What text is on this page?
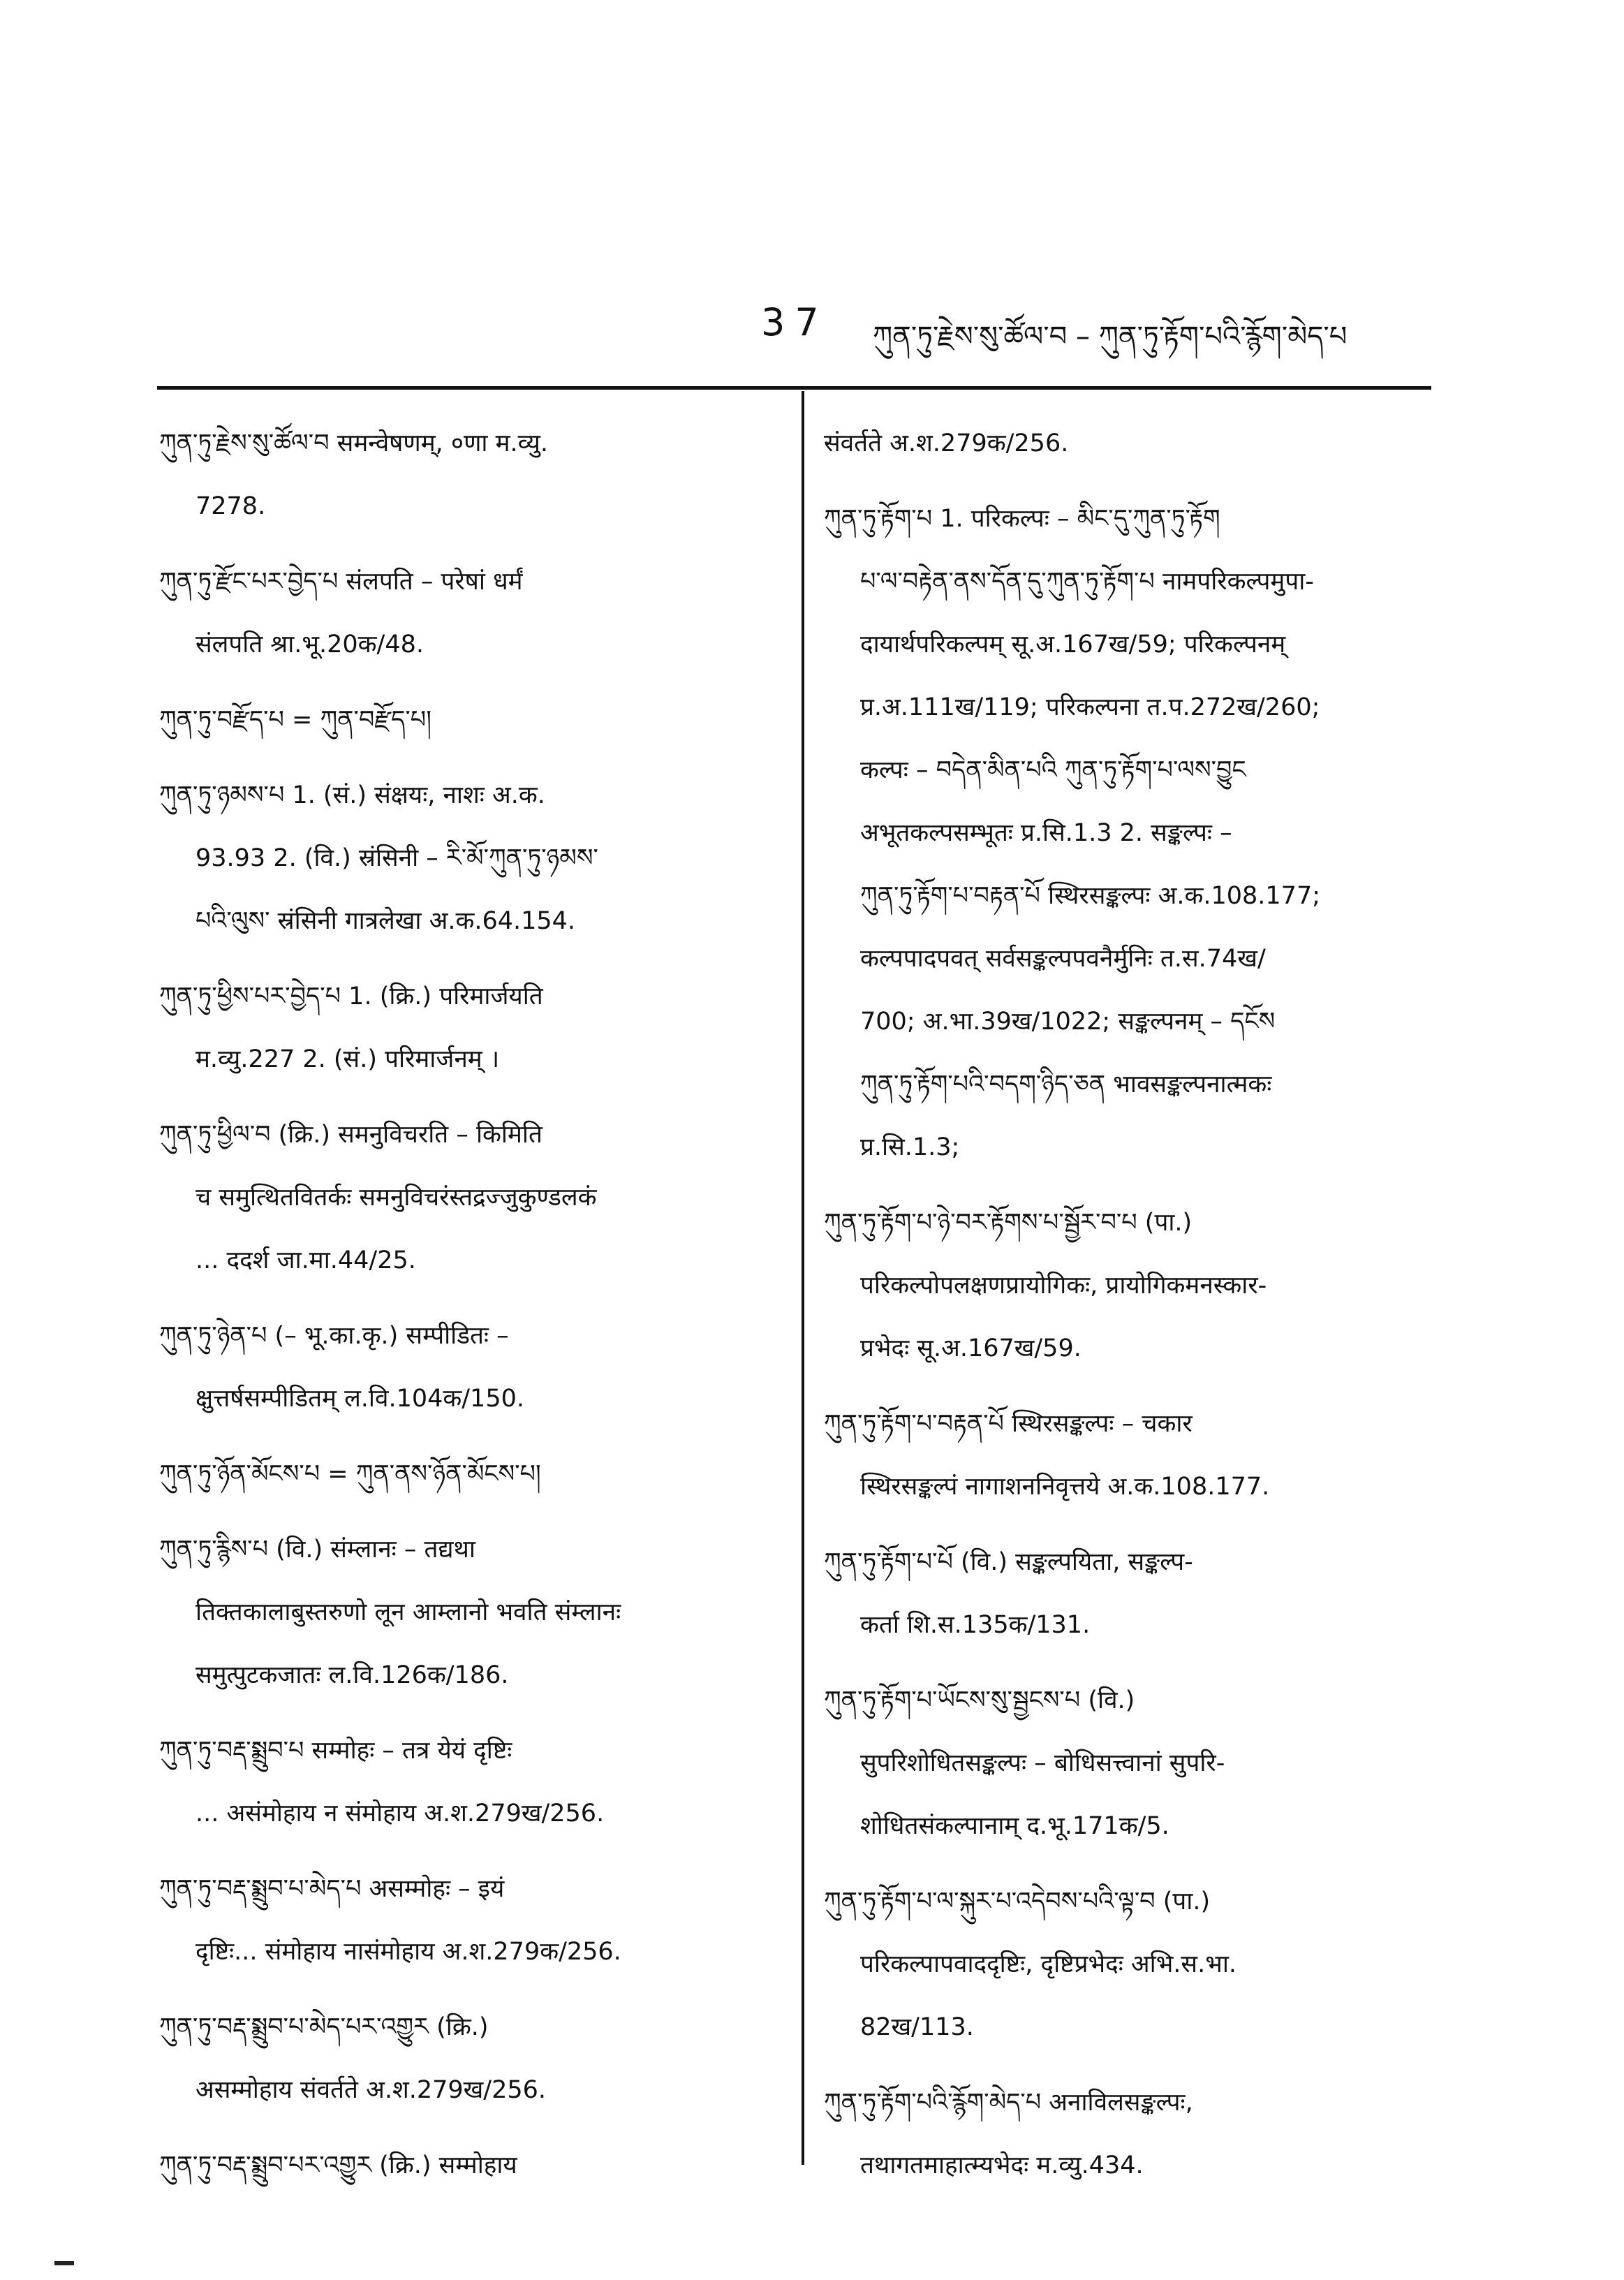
37 ཀུན་ཏུ་རྗེས་སུ་ཚོལ་བ – ཀུན་ཏུ་རྟོག་པའི་རྙོག་མེད་པ
ཀུན་ཏུ་རྗེས་སུ་ཚོལ་བ समन्वेषणम्, ०णा म.व्यु.
7278.
ཀུན་ཏུ་རྫོང་པར་བྱེད་པ संलपति – परेषां धर्मं
संलपति श्रा.भू.20क/48.
ཀུན་ཏུ་བརྫོད་པ = ཀུན་བརྫོད་པ།
ཀུན་ཏུ་ཉམས་པ 1. (सं.) संक्षयः, नाशः अ.क.
93.93 2. (वि.) स्रंसिनी – རི་མོ་ཀུན་ཏུ་ཉམས་
པའི་ལུས་ स्रंसिनी गात्रलेखा अ.क.64.154.
ཀུན་ཏུ་ཕྱིས་པར་བྱེད་པ 1. (क्रि.) परिमार्जयति
म.व्यु.227 2. (सं.) परिमार्जनम् ।
ཀུན་ཏུ་ཕྱིལ་བ (क्रि.) समनुविचरति – किमिति
च समुत्थितवितर्कः समनुविचरंस्तद्रज्जुकुण्डलकं
... ददर्श जा.मा.44/25.
ཀུན་ཏུ་ཉེན་པ (– भू.का.कृ.) सम्पीडितः –
क्षुत्तर्षसम्पीडितम् ल.वि.104क/150.
ཀུན་ཏུ་ཉོན་མོངས་པ = ཀུན་ནས་ཉོན་མོངས་པ།
ཀུན་ཏུ་རྙིས་པ (वि.) संम्लानः – तद्यथा
तिक्तकालाबुस्तरुणो लून आम्लानो भवति संम्लानः
समुत्पुटकजातः ल.वि.126क/186.
ཀུན་ཏུ་བརྡ་སྨྲུབ་པ सम्मोहः – तत्र येयं दृष्टिः
... असंमोहाय न संमोहाय अ.श.279ख/256.
ཀུན་ཏུ་བརྡ་སྨྲུབ་པ་མེད་པ असम्मोहः – इयं
दृष्टिः... संमोहाय नासंमोहाय अ.श.279क/256.
ཀུན་ཏུ་བརྡ་སྨྲུབ་པ་མེད་པར་འགྱུར (क्रि.)
असम्मोहाय संवर्तते अ.श.279ख/256.
ཀུན་ཏུ་བརྡ་སྨྲུབ་པར་འགྱུར (क्रि.) सम्मोहाय
संवर्तते अ.श.279क/256.
ཀུན་ཏུ་རྟོག་པ 1. परिकल्पः – མིང་དུ་ཀུན་ཏུ་རྟོག
པ་ལ་བརྟེན་ནས་དོན་དུ་ཀུན་ཏུ་རྟོག་པ नामपरिकल्पमुपा-
दायार्थपरिकल्पम् सू.अ.167ख/59; परिकल्पनम्
प्र.अ.111ख/119; परिकल्पना त.प.272ख/260;
कल्पः – བདེན་མིན་པའི ཀུན་ཏུ་རྟོག་པ་ལས་བྱུང
अभूतकल्पसम्भूतः प्र.सि.1.3 2. सङ्कल्पः –
ཀུན་ཏུ་རྟོག་པ་བརྟན་པོ स्थिरसङ्कल्पः अ.क.108.177;
कल्पपादपवत् सर्वसङ्कल्पपवनैर्मुनिः त.स.74ख/
700; अ.भा.39ख/1022; सङ्कल्पनम् – དངོས
ཀུན་ཏུ་རྟོག་པའི་བདག་ཉིད་ཅན भावसङ्कल्पनात्मकः
प्र.सि.1.3;
ཀུན་ཏུ་རྟོག་པ་ཉེ་བར་རྟོགས་པ་སྦྱོར་བ་པ (पा.)
परिकल्पोपलक्षणप्रायोगिकः, प्रायोगिकमनस्कार-
प्रभेदः सू.अ.167ख/59.
ཀུན་ཏུ་རྟོག་པ་བརྟན་པོ स्थिरसङ्कल्पः – चकार
स्थिरसङ्कल्पं नागाशननिवृत्तये अ.क.108.177.
ཀུན་ཏུ་རྟོག་པ་པོ (वि.) सङ्कल्पयिता, सङ्कल्प-
कर्ता शि.स.135क/131.
ཀུན་ཏུ་རྟོག་པ་ཡོངས་སུ་སྦྱངས་པ (वि.)
सुपरिशोधितसङ्कल्पः – बोधिसत्त्वानां सुपरि-
शोधितसंकल्पानाम् द.भू.171क/5.
ཀུན་ཏུ་རྟོག་པ་ལ་སྐུར་པ་འདེབས་པའི་ལྟ་བ (पा.)
परिकल्पापवाददृष्टिः, दृष्टिप्रभेदः अभि.स.भा.
82ख/113.
ཀུན་ཏུ་རྟོག་པའི་རྙོག་མེད་པ अनाविलसङ्कल्पः,
तथागतमाहात्म्यभेदः म.व्यु.434.
